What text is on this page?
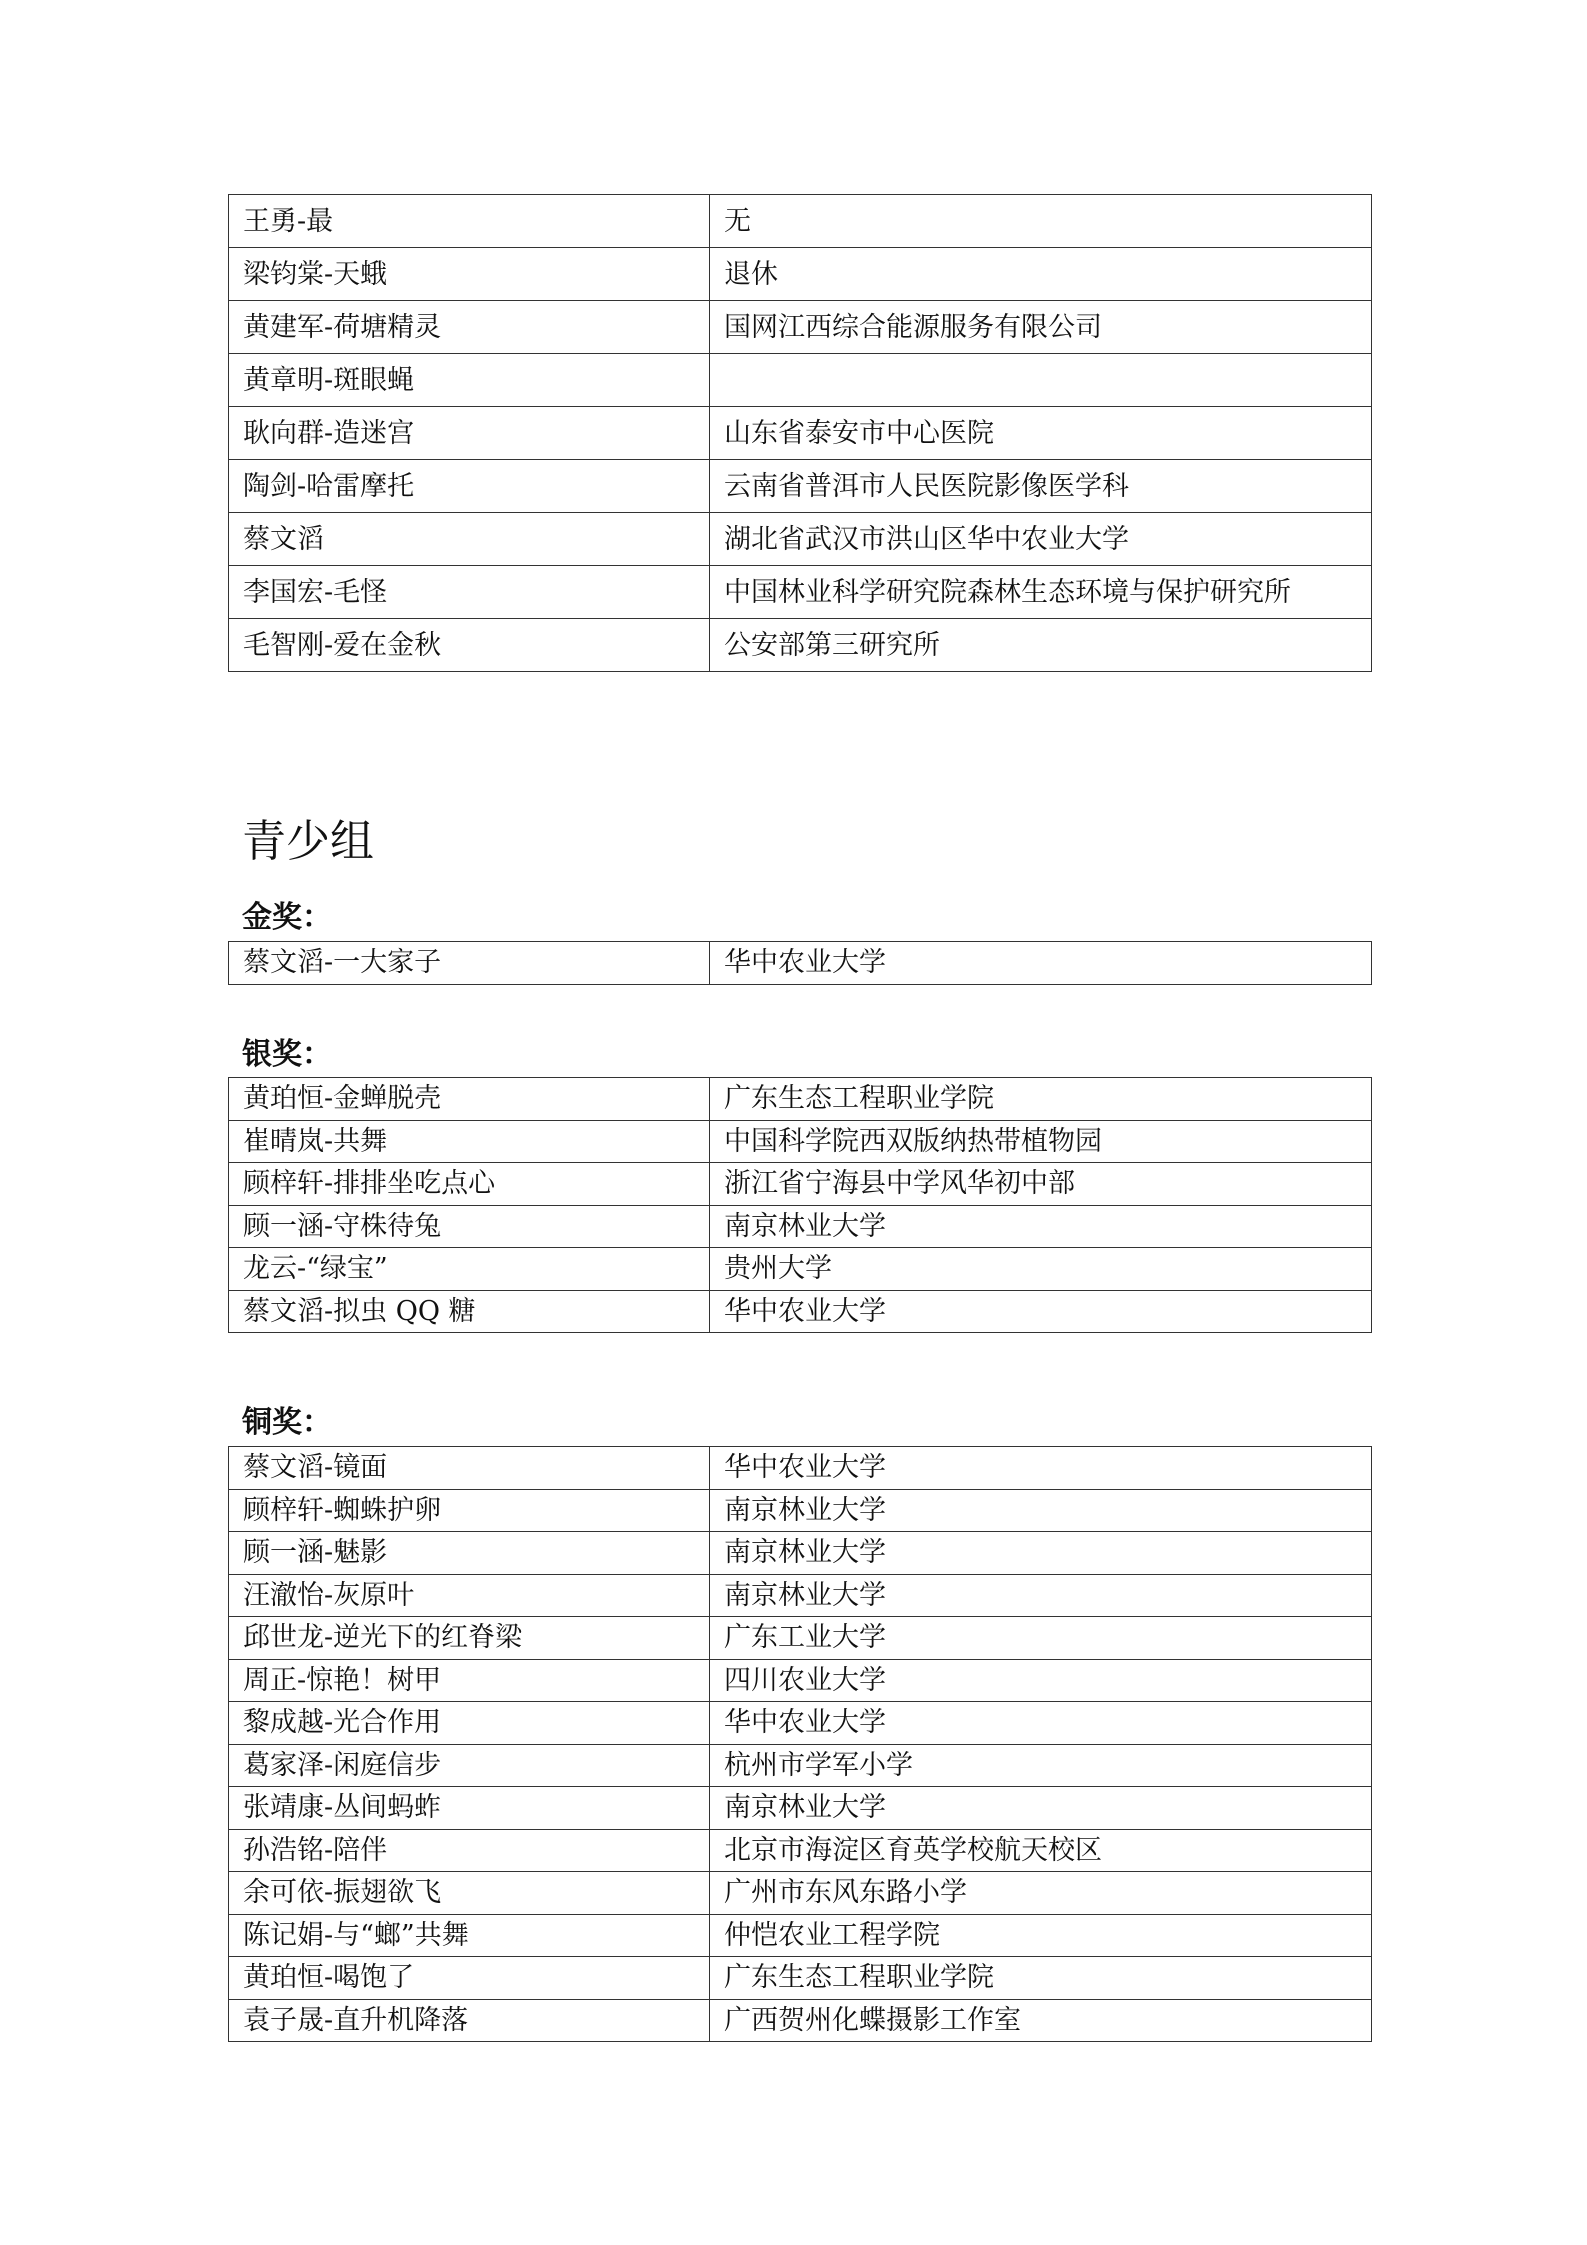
王勇-最	无
梁钧棠-天蛾	退休
黄建军-荷塘精灵	国网江西综合能源服务有限公司
黄章明-斑眼蝇	
耿向群-造迷宫	山东省泰安市中心医院
陶剑-哈雷摩托	云南省普洱市人民医院影像医学科
蔡文滔	湖北省武汉市洪山区华中农业大学
李国宏-毛怪	中国林业科学研究院森林生态环境与保护研究所
毛智刚-爱在金秋	公安部第三研究所
青少组
金奖：
蔡文滔-一大家子	华中农业大学
银奖：
黄珀恒-金蝉脱壳	广东生态工程职业学院
崔晴岚-共舞	中国科学院西双版纳热带植物园
顾梓轩-排排坐吃点心	浙江省宁海县中学风华初中部
顾一涵-守株待兔	南京林业大学
龙云-“绿宝”	贵州大学
蔡文滔-拟虫 QQ 糖	华中农业大学
铜奖：
蔡文滔-镜面	华中农业大学
顾梓轩-蜘蛛护卵	南京林业大学
顾一涵-魅影	南京林业大学
汪澈怡-灰原叶	南京林业大学
邱世龙-逆光下的红脊梁	广东工业大学
周正-惊艳！树甲	四川农业大学
黎成越-光合作用	华中农业大学
葛家泽-闲庭信步	杭州市学军小学
张靖康-丛间蚂蚱	南京林业大学
孙浩铭-陪伴	北京市海淀区育英学校航天校区
余可依-振翅欲飞	广州市东风东路小学
陈记娟-与“螂”共舞	仲恺农业工程学院
黄珀恒-喝饱了	广东生态工程职业学院
袁子晟-直升机降落	广西贺州化蝶摄影工作室
